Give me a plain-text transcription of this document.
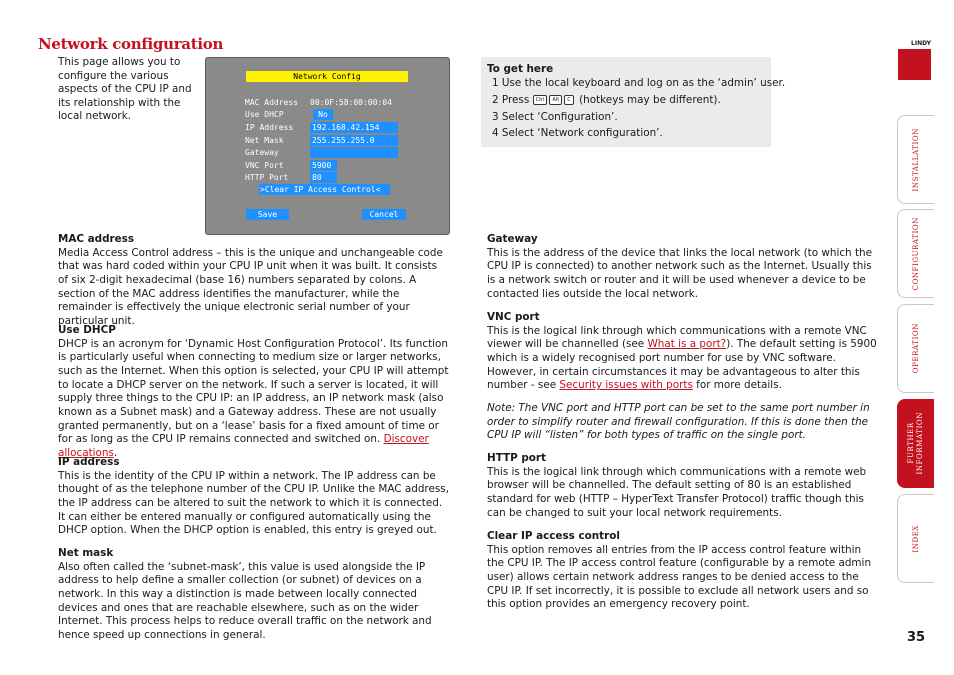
Network configuration
This page allows you to configure the various aspects of the CPU IP and its relationship with the local network.
Network Config
MAC Address 00:0F:58:00:00:04
Use DHCP	No
IP Address 192.168.42.154
Net Mask	255.255.255.0
Gateway
VNC Port	5900
HTTP Port	80
>Clear IP Access Control<
Save	Cancel
To get here
1 Use the local keyboard and log on as the ‘admin’ user.
2 Press Ctrl Alt C (hotkeys may be different).
3 Select ‘Configuration’.
4 Select ‘Network configuration’.
MAC address

Media Access Control address – this is the unique and unchangeable code that was hard coded within your CPU IP unit when it was built. It consists of six 2-digit hexadecimal (base 16) numbers separated by colons. A section of the MAC address identifies the manufacturer, while the remainder is effectively the unique electronic serial number of your particular unit.

Use DHCP

DHCP is an acronym for ‘Dynamic Host Configuration Protocol’. Its function is particularly useful when connecting to medium size or larger networks, such as the Internet. When this option is selected, your CPU IP will attempt to locate a DHCP server on the network. If such a server is located, it will supply three things to the CPU IP: an IP address, an IP network mask (also known as a Subnet mask) and a Gateway address. These are not usually granted permanently, but on a ‘lease’ basis for a fixed amount of time or for as long as the CPU IP remains connected and switched on. Discover allocations.

IP address

This is the identity of the CPU IP within a network. The IP address can be thought of as the telephone number of the CPU IP. Unlike the MAC address, the IP address can be altered to suit the network to which it is connected. It can either be entered manually or configured automatically using the DHCP option. When the DHCP option is enabled, this entry is greyed out.

Net mask

Also often called the ‘subnet-mask’, this value is used alongside the IP address to help define a smaller collection (or subnet) of devices on a network. In this way a distinction is made between locally connected devices and ones that are reachable elsewhere, such as on the wider Internet. This process helps to reduce overall traffic on the network and hence speed up connections in general.

Gateway

This is the address of the device that links the local network (to which the CPU IP is connected) to another network such as the Internet. Usually this is a network switch or router and it will be used whenever a device to be contacted lies outside the local network.

VNC port

This is the logical link through which communications with a remote VNC viewer will be channelled (see What is a port?). The default setting is 5900 which is a widely recognised port number for use by VNC software. However, in certain circumstances it may be advantageous to alter this number - see Security issues with ports for more details.

Note: The VNC port and HTTP port can be set to the same port number in order to simplify router and firewall configuration. If this is done then the CPU IP will “listen” for both types of traffic on the single port.
HTTP port

This is the logical link through which communications with a remote web browser will be channelled. The default setting of 80 is an established standard for web (HTTP – HyperText Transfer Protocol) traffic though this can be changed to suit your local network requirements.

Clear IP access control

This option removes all entries from the IP access control feature within the CPU IP. The IP access control feature (configurable by a remote admin user) allows certain network address ranges to be denied access to the CPU IP. If set incorrectly, it is possible to exclude all network users and so this option provides an emergency recovery point.

LINDY
INSTALLATION
CONFIGURATION
OPERATION
FURTHER
INFORMATION
INDEX
35
